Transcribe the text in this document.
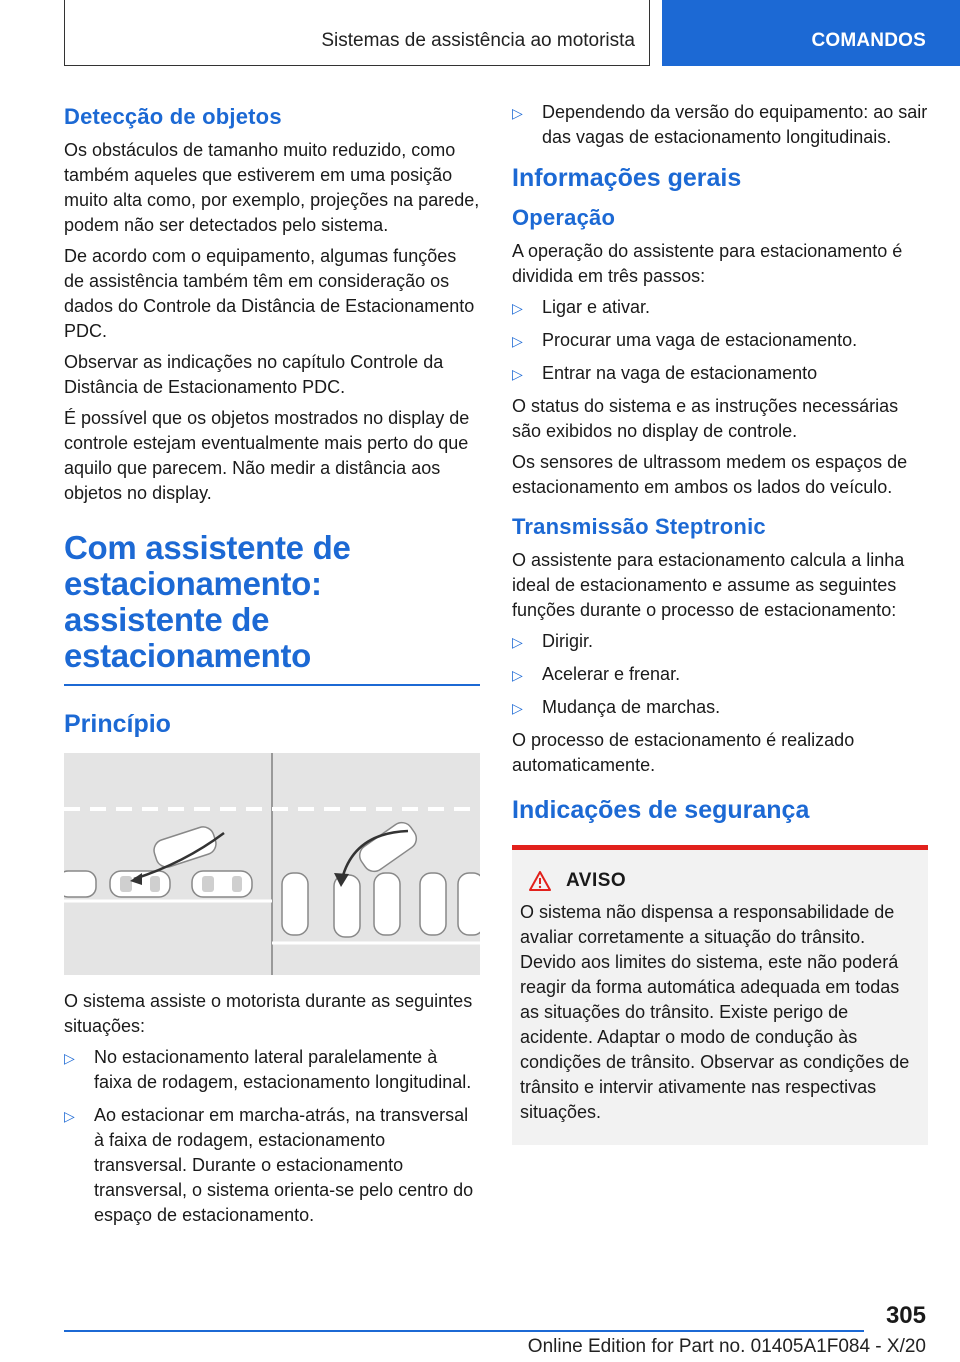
Sistemas de assistência ao motorista	COMANDOS
Detecção de objetos

Os obstáculos de tamanho muito reduzido, como também aqueles que estiverem em uma posição muito alta como, por exemplo, projeções na parede, podem não ser detectados pelo sistema.

De acordo com o equipamento, algumas funções de assistência também têm em consideração os dados do Controle da Distância de Estacionamento PDC.

Observar as indicações no capítulo Controle da Distância de Estacionamento PDC.

É possível que os objetos mostrados no display de controle estejam eventualmente mais perto do que aquilo que parecem. Não medir a distância aos objetos no display.

Com assistente de estacionamento: assistente de estacionamento
Princípio

O sistema assiste o motorista durante as seguintes situações:

▷ No estacionamento lateral paralelamente à faixa de rodagem, estacionamento longitudinal.
▷ Ao estacionar em marcha-atrás, na transversal à faixa de rodagem, estacionamento transversal. Durante o estacionamento transversal, o sistema orienta-se pelo centro do espaço de estacionamento.
▷ Dependendo da versão do equipamento: ao sair das vagas de estacionamento longitudinais.
Informações gerais
Operação

A operação do assistente para estacionamento é dividida em três passos:

▷ Ligar e ativar.
▷ Procurar uma vaga de estacionamento.
▷ Entrar na vaga de estacionamento

O status do sistema e as instruções necessárias são exibidos no display de controle.

Os sensores de ultrassom medem os espaços de estacionamento em ambos os lados do veículo.

Transmissão Steptronic

O assistente para estacionamento calcula a linha ideal de estacionamento e assume as seguintes funções durante o processo de estacionamento:

▷ Dirigir.
▷ Acelerar e frenar.
▷ Mudança de marchas.

O processo de estacionamento é realizado automaticamente.

Indicações de segurança
AVISO

O sistema não dispensa a responsabilidade de avaliar corretamente a situação do trânsito. Devido aos limites do sistema, este não poderá reagir da forma automática adequada em todas as situações do trânsito. Existe perigo de acidente. Adaptar o modo de condução às condições de trânsito. Observar as condições de trânsito e intervir ativamente nas respectivas situações.

305
Online Edition for Part no. 01405A1F084 - X/20
